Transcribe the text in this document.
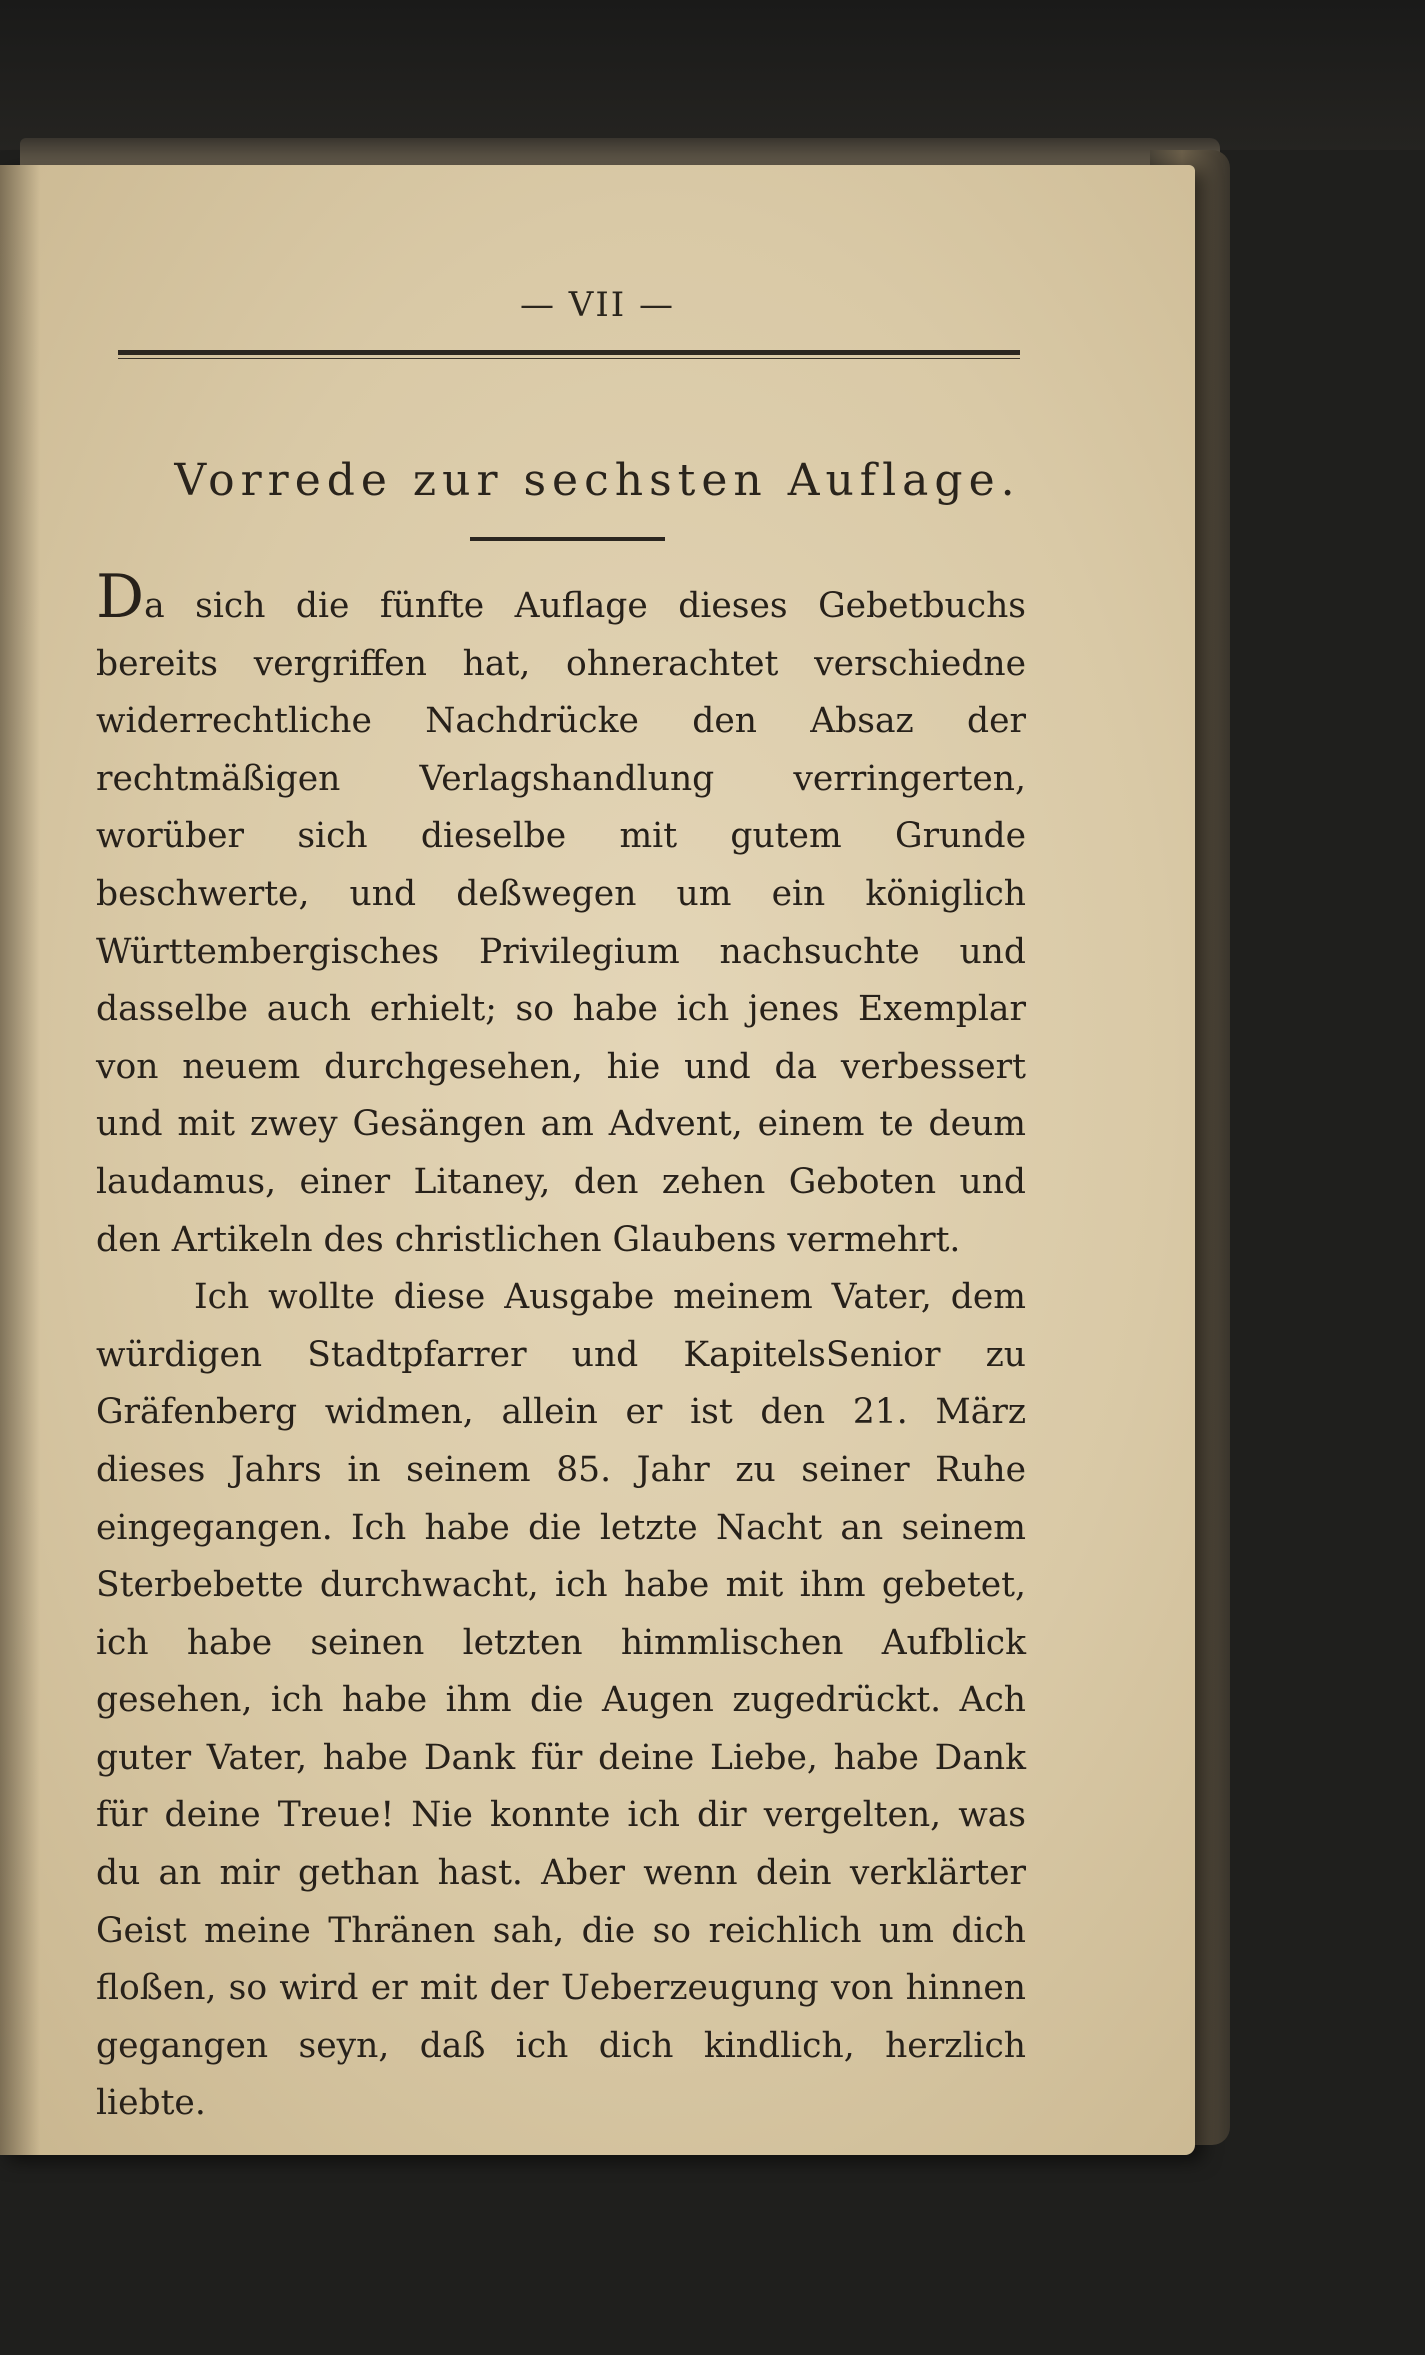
— VII —
Vorrede zur sechsten Auflage.

Da sich die fünfte Auflage dieses Gebetbuchs bereits vergriffen hat, ohnerachtet verschiedne widerrechtliche Nachdrücke den Absaz der rechtmäßigen Verlagshandlung verringerten, worüber sich dieselbe mit gutem Grunde beschwerte, und deßwegen um ein königlich Württembergisches Privilegium nachsuchte und dasselbe auch erhielt; so habe ich jenes Exemplar von neuem durchgesehen, hie und da verbessert und mit zwey Gesängen am Advent, einem te deum laudamus, einer Litaney, den zehen Geboten und den Artikeln des christlichen Glaubens vermehrt.

Ich wollte diese Ausgabe meinem Vater, dem würdigen Stadtpfarrer und KapitelsSenior zu Gräfenberg widmen, allein er ist den 21. März dieses Jahrs in seinem 85. Jahr zu seiner Ruhe eingegangen. Ich habe die letzte Nacht an seinem Sterbebette durchwacht, ich habe mit ihm gebetet, ich habe seinen letzten himmlischen Aufblick gesehen, ich habe ihm die Augen zugedrückt. Ach guter Vater, habe Dank für deine Liebe, habe Dank für deine Treue! Nie konnte ich dir vergelten, was du an mir gethan hast. Aber wenn dein verklärter Geist meine Thränen sah, die so reichlich um dich floßen, so wird er mit der Ueberzeugung von hinnen gegangen seyn, daß ich dich kindlich, herzlich liebte.
